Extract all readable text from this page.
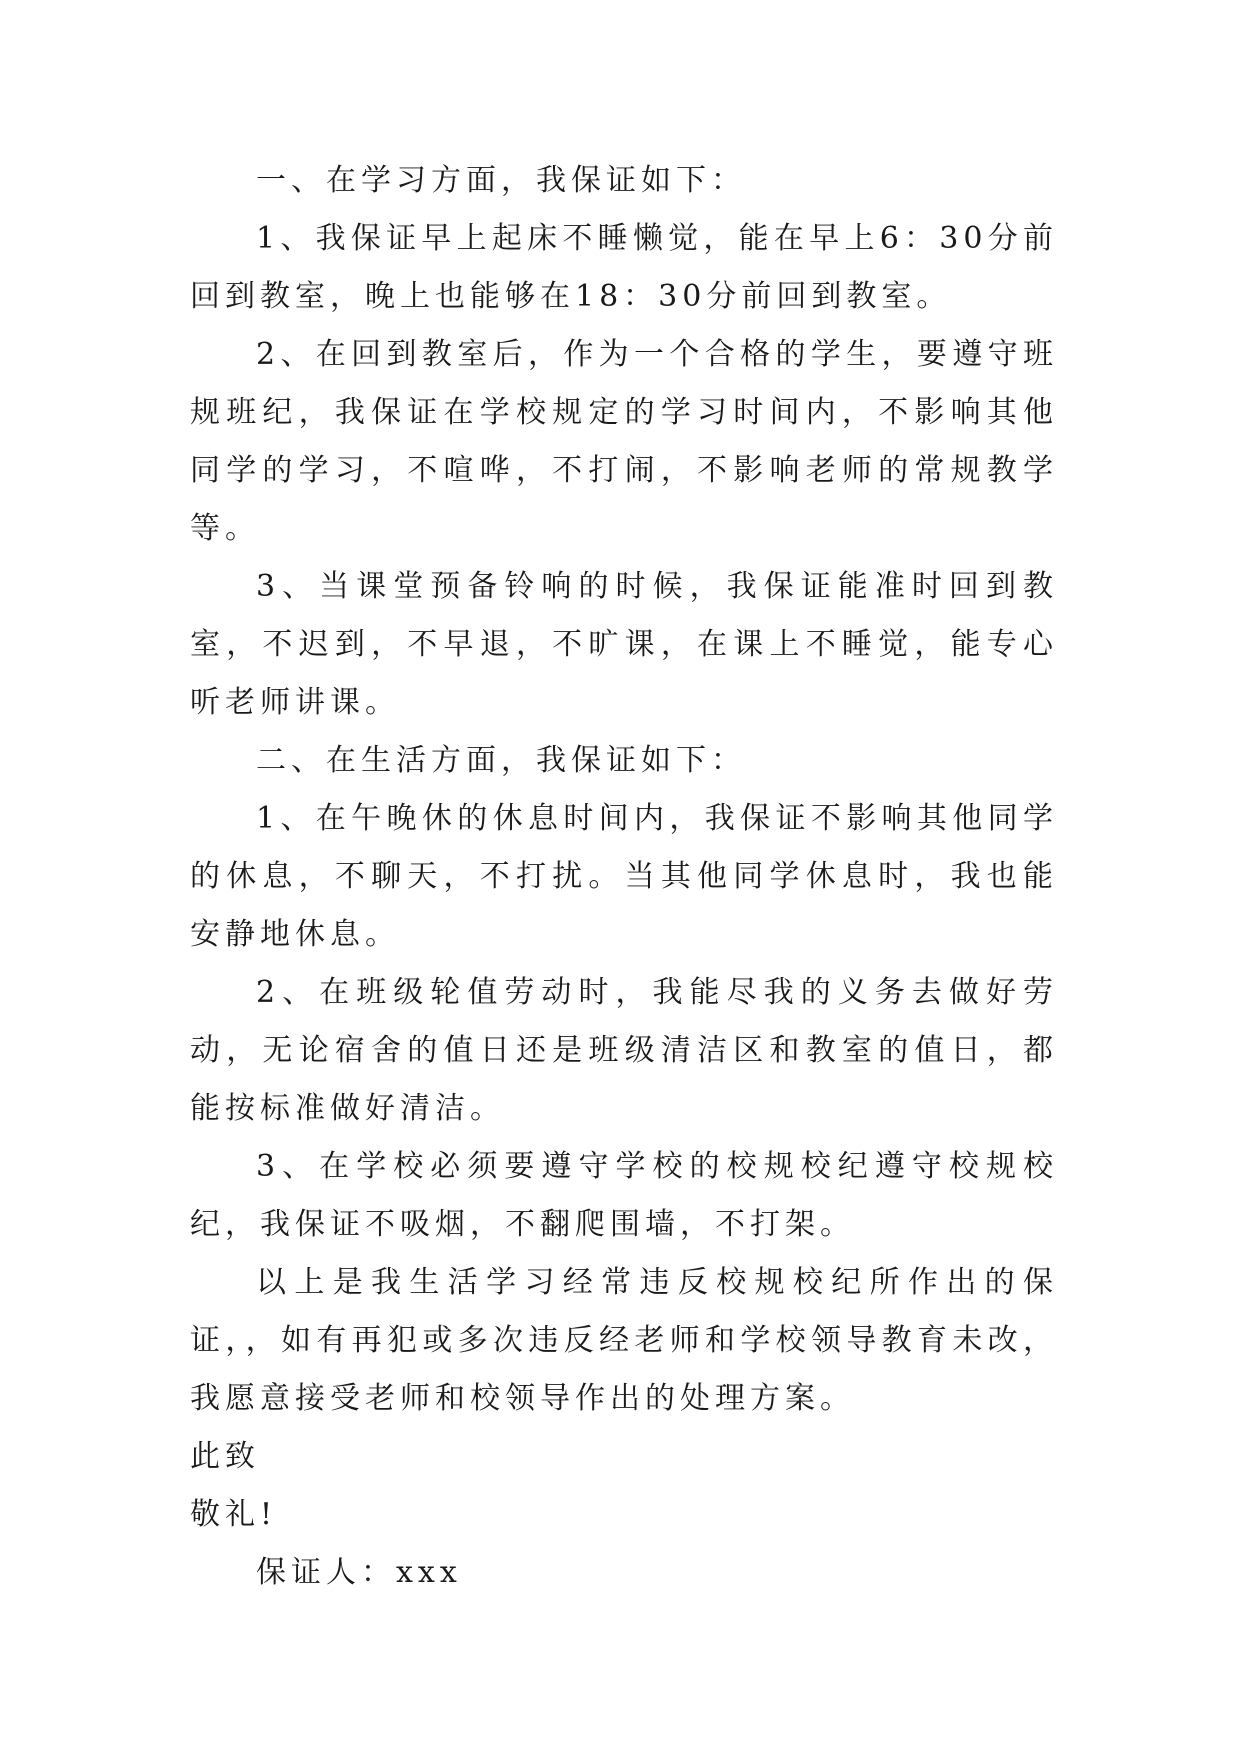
一、在学习方面，我保证如下：

1、我保证早上起床不睡懒觉，能在早上6：30分前回到教室，晚上也能够在18：30分前回到教室。

2、在回到教室后，作为一个合格的学生，要遵守班规班纪，我保证在学校规定的学习时间内，不影响其他同学的学习，不喧哗，不打闹，不影响老师的常规教学等。

3、当课堂预备铃响的时候，我保证能准时回到教室，不迟到，不早退，不旷课，在课上不睡觉，能专心听老师讲课。

二、在生活方面，我保证如下：

1、在午晚休的休息时间内，我保证不影响其他同学的休息，不聊天，不打扰。当其他同学休息时，我也能安静地休息。

2、在班级轮值劳动时，我能尽我的义务去做好劳动，无论宿舍的值日还是班级清洁区和教室的值日，都能按标准做好清洁。

3、在学校必须要遵守学校的校规校纪遵守校规校纪，我保证不吸烟，不翻爬围墙，不打架。

以上是我生活学习经常违反校规校纪所作出的保证，，如有再犯或多次违反经老师和学校领导教育未改，我愿意接受老师和校领导作出的处理方案。

此致

敬礼!

保证人：xxx
